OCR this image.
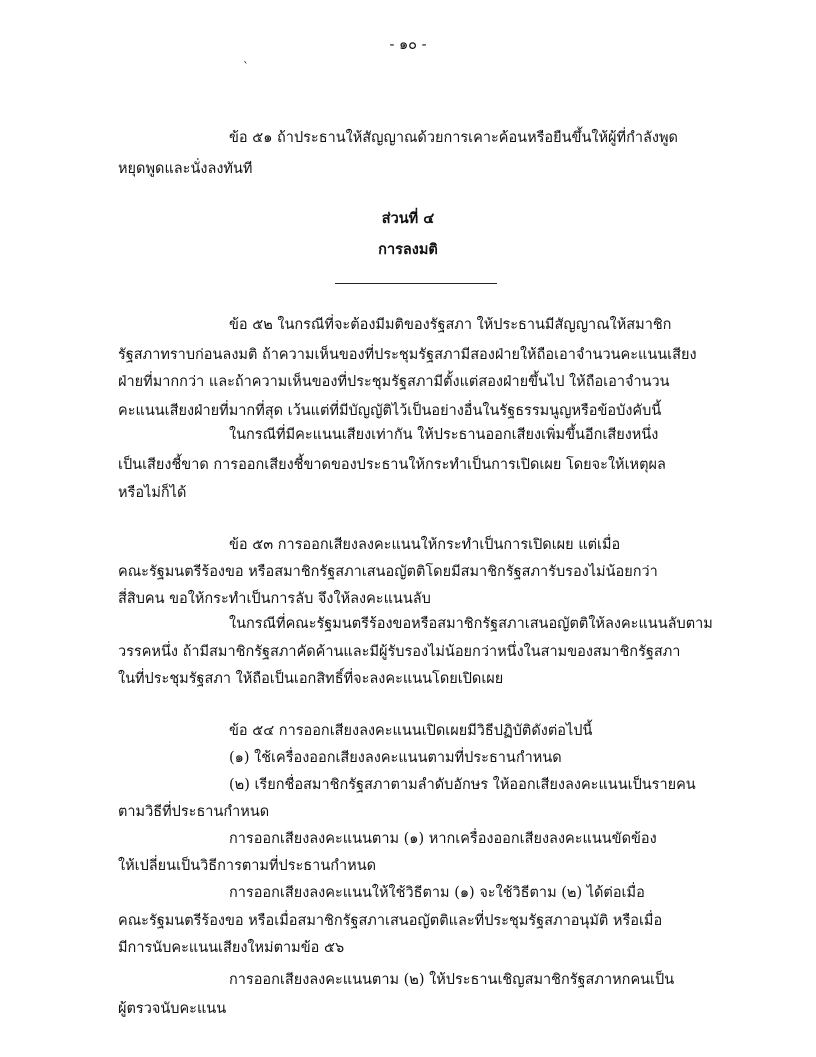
- ๑๐ -
`
ข้อ ๕๑ ถ้าประธานให้สัญญาณด้วยการเคาะค้อนหรือยืนขึ้นให้ผู้ที่กำลังพูด
หยุดพูดและนั่งลงทันที
ส่วนที่ ๔
การลงมติ
ข้อ ๕๒ ในกรณีที่จะต้องมีมติของรัฐสภา ให้ประธานมีสัญญาณให้สมาชิก
รัฐสภาทราบก่อนลงมติ ถ้าความเห็นของที่ประชุมรัฐสภามีสองฝ่ายให้ถือเอาจำนวนคะแนนเสียง
ฝ่ายที่มากกว่า และถ้าความเห็นของที่ประชุมรัฐสภามีตั้งแต่สองฝ่ายขึ้นไป ให้ถือเอาจำนวน
คะแนนเสียงฝ่ายที่มากที่สุด เว้นแต่ที่มีบัญญัติไว้เป็นอย่างอื่นในรัฐธรรมนูญหรือข้อบังคับนี้
ในกรณีที่มีคะแนนเสียงเท่ากัน ให้ประธานออกเสียงเพิ่มขึ้นอีกเสียงหนึ่ง
เป็นเสียงชี้ขาด การออกเสียงชี้ขาดของประธานให้กระทำเป็นการเปิดเผย โดยจะให้เหตุผล
หรือไม่ก็ได้
ข้อ ๕๓ การออกเสียงลงคะแนนให้กระทำเป็นการเปิดเผย แต่เมื่อ
คณะรัฐมนตรีร้องขอ หรือสมาชิกรัฐสภาเสนอญัตติโดยมีสมาชิกรัฐสภารับรองไม่น้อยกว่า
สี่สิบคน ขอให้กระทำเป็นการลับ จึงให้ลงคะแนนลับ
ในกรณีที่คณะรัฐมนตรีร้องขอหรือสมาชิกรัฐสภาเสนอญัตติให้ลงคะแนนลับตาม
วรรคหนึ่ง ถ้ามีสมาชิกรัฐสภาคัดค้านและมีผู้รับรองไม่น้อยกว่าหนึ่งในสามของสมาชิกรัฐสภา
ในที่ประชุมรัฐสภา ให้ถือเป็นเอกสิทธิ์ที่จะลงคะแนนโดยเปิดเผย
ข้อ ๕๔ การออกเสียงลงคะแนนเปิดเผยมีวิธีปฏิบัติดังต่อไปนี้
(๑) ใช้เครื่องออกเสียงลงคะแนนตามที่ประธานกำหนด
(๒) เรียกชื่อสมาชิกรัฐสภาตามลำดับอักษร ให้ออกเสียงลงคะแนนเป็นรายคน
ตามวิธีที่ประธานกำหนด
การออกเสียงลงคะแนนตาม (๑) หากเครื่องออกเสียงลงคะแนนขัดข้อง
ให้เปลี่ยนเป็นวิธีการตามที่ประธานกำหนด
การออกเสียงลงคะแนนให้ใช้วิธีตาม (๑) จะใช้วิธีตาม (๒) ได้ต่อเมื่อ
คณะรัฐมนตรีร้องขอ หรือเมื่อสมาชิกรัฐสภาเสนอญัตติและที่ประชุมรัฐสภาอนุมัติ หรือเมื่อ
มีการนับคะแนนเสียงใหม่ตามข้อ ๕๖
การออกเสียงลงคะแนนตาม (๒) ให้ประธานเชิญสมาชิกรัฐสภาหกคนเป็น
ผู้ตรวจนับคะแนน
